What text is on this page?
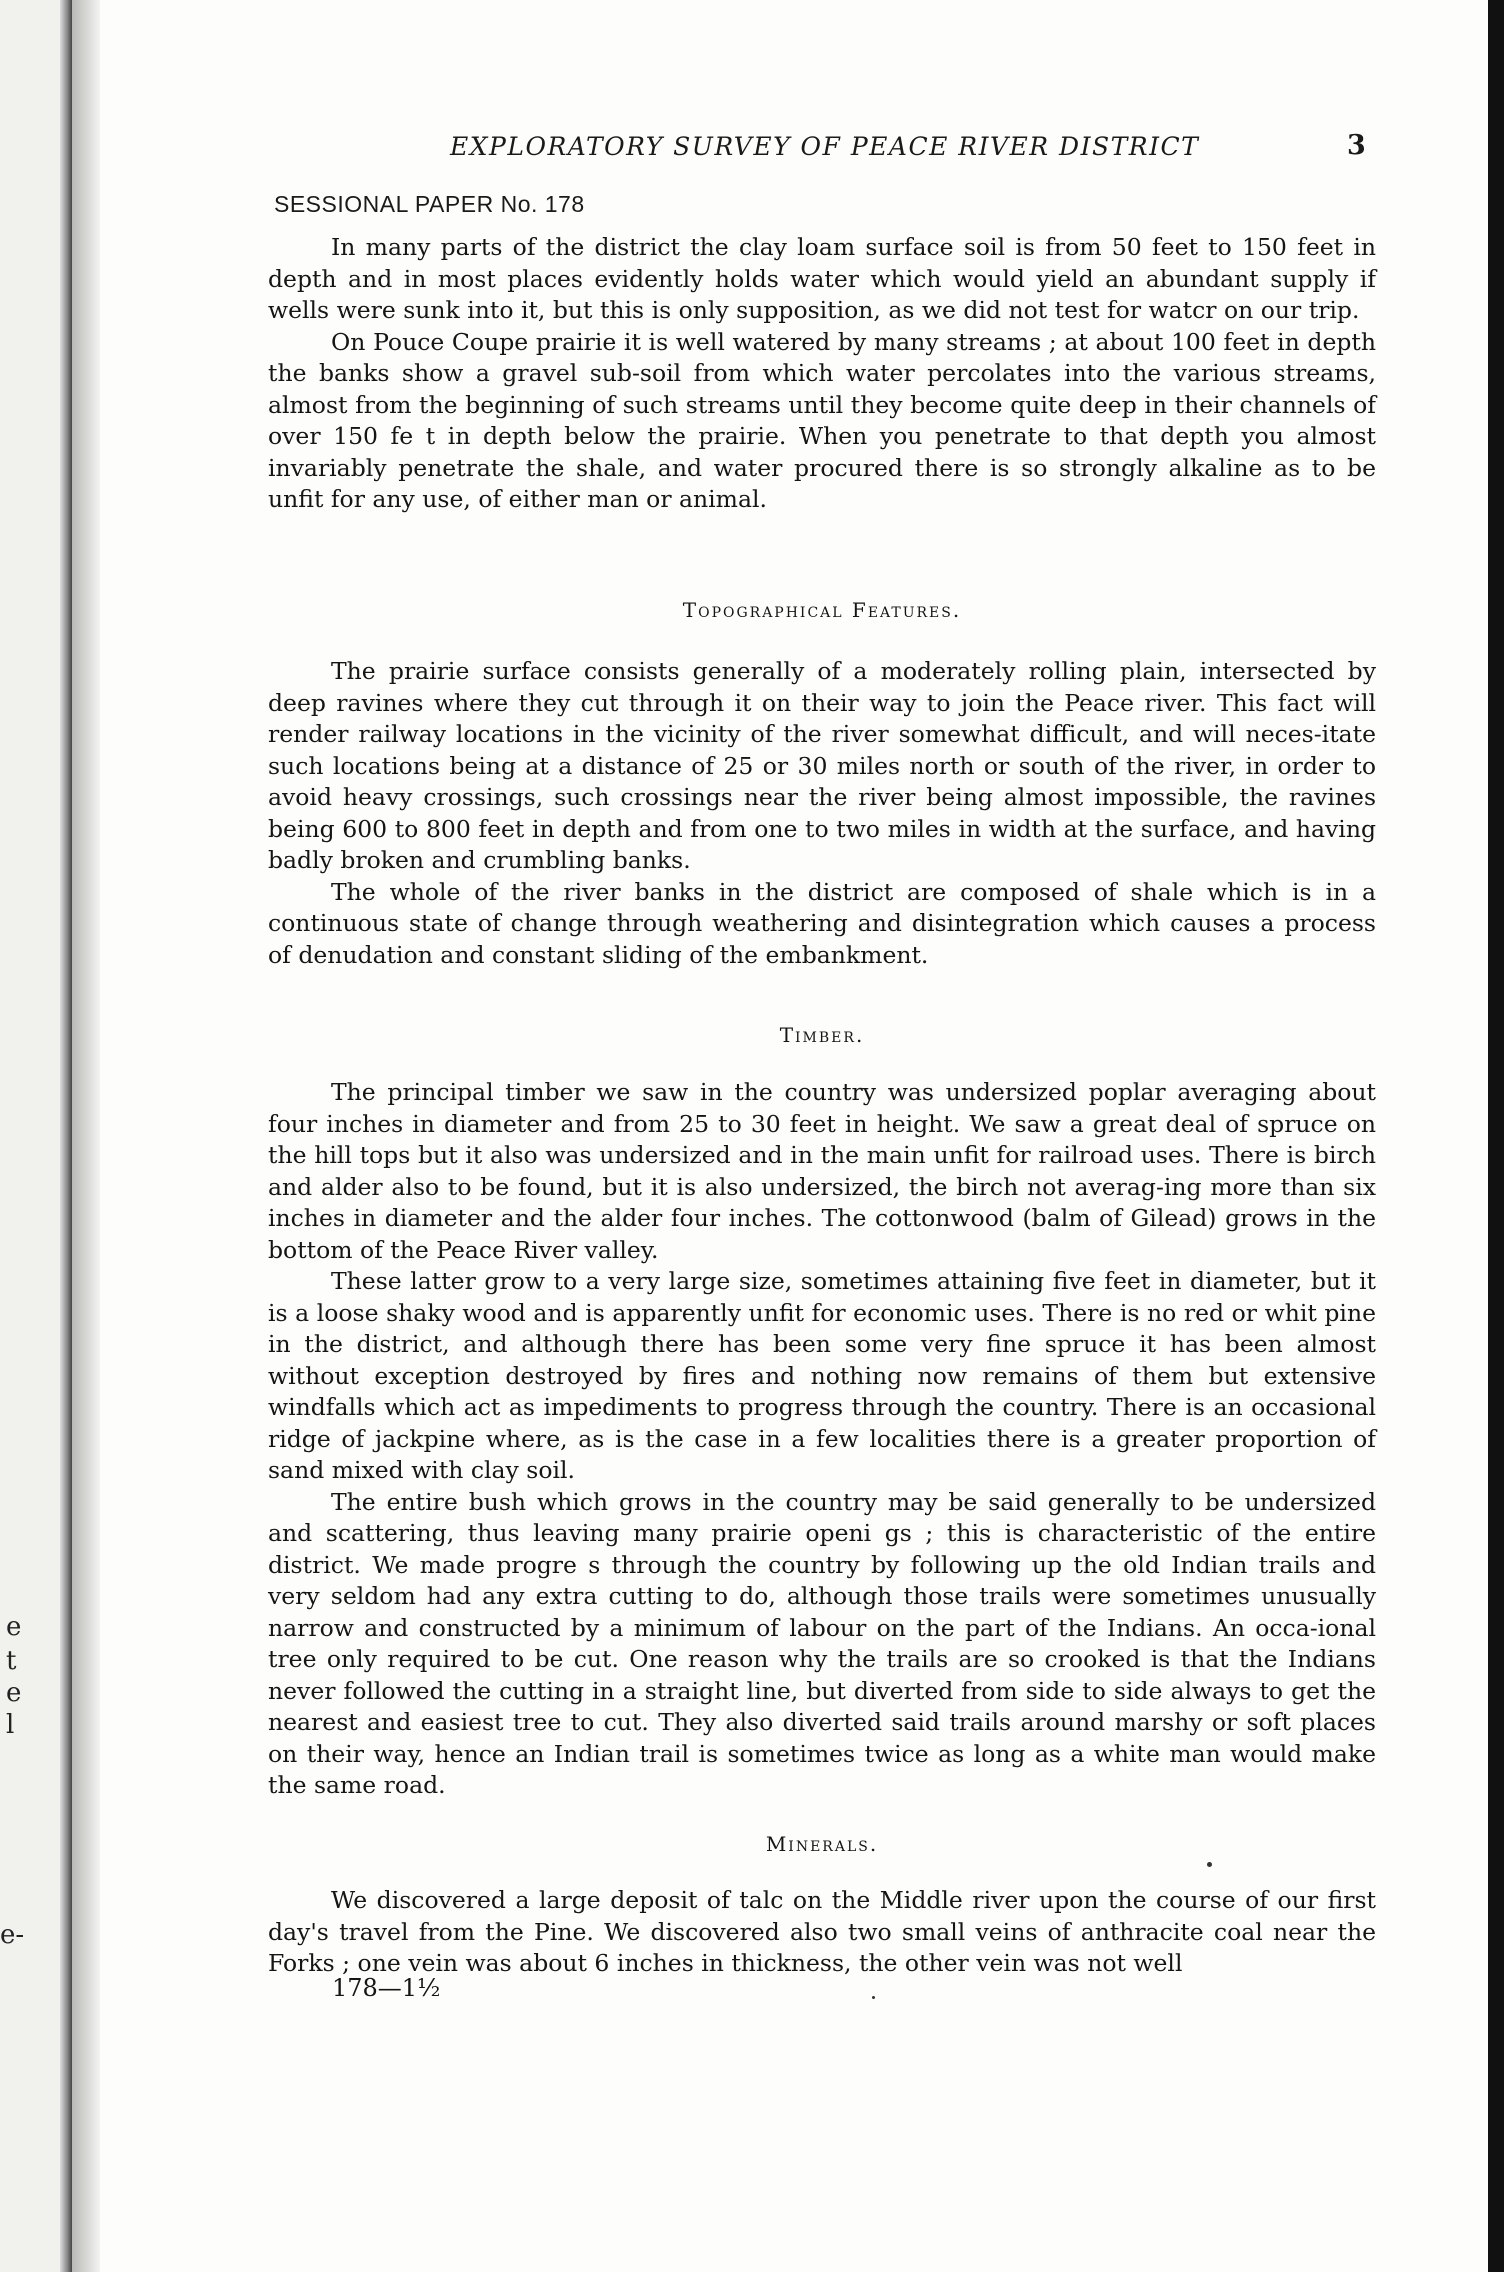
e
t
e
l
e-
EXPLORATORY SURVEY OF PEACE RIVER DISTRICT	3
SESSIONAL PAPER No. 178

In many parts of the district the clay loam surface soil is from 50 feet to 150 feet in depth and in most places evidently holds water which would yield an abundant supply if wells were sunk into it, but this is only supposition, as we did not test for watcr on our trip.

On Pouce Coupe prairie it is well watered by many streams ; at about 100 feet in depth the banks show a gravel sub-soil from which water percolates into the various streams, almost from the beginning of such streams until they become quite deep in their channels of over 150 fe t in depth below the prairie. When you penetrate to that depth you almost invariably penetrate the shale, and water procured there is so strongly alkaline as to be unfit for any use, of either man or animal.

Topographical Features.

The prairie surface consists generally of a moderately rolling plain, intersected by deep ravines where they cut through it on their way to join the Peace river. This fact will render railway locations in the vicinity of the river somewhat difficult, and will neces-itate such locations being at a distance of 25 or 30 miles north or south of the river, in order to avoid heavy crossings, such crossings near the river being almost impossible, the ravines being 600 to 800 feet in depth and from one to two miles in width at the surface, and having badly broken and crumbling banks.

The whole of the river banks in the district are composed of shale which is in a continuous state of change through weathering and disintegration which causes a process of denudation and constant sliding of the embankment.

Timber.

The principal timber we saw in the country was undersized poplar averaging about four inches in diameter and from 25 to 30 feet in height. We saw a great deal of spruce on the hill tops but it also was undersized and in the main unfit for railroad uses. There is birch and alder also to be found, but it is also undersized, the birch not averag-ing more than six inches in diameter and the alder four inches. The cottonwood (balm of Gilead) grows in the bottom of the Peace River valley.

These latter grow to a very large size, sometimes attaining five feet in diameter, but it is a loose shaky wood and is apparently unfit for economic uses. There is no red or whit pine in the district, and although there has been some very fine spruce it has been almost without exception destroyed by fires and nothing now remains of them but extensive windfalls which act as impediments to progress through the country. There is an occasional ridge of jackpine where, as is the case in a few localities there is a greater proportion of sand mixed with clay soil.

The entire bush which grows in the country may be said generally to be undersized and scattering, thus leaving many prairie openi gs ; this is characteristic of the entire district. We made progre s through the country by following up the old Indian trails and very seldom had any extra cutting to do, although those trails were sometimes unusually narrow and constructed by a minimum of labour on the part of the Indians. An occa-ional tree only required to be cut. One reason why the trails are so crooked is that the Indians never followed the cutting in a straight line, but diverted from side to side always to get the nearest and easiest tree to cut. They also diverted said trails around marshy or soft places on their way, hence an Indian trail is sometimes twice as long as a white man would make the same road.

Minerals.

We discovered a large deposit of talc on the Middle river upon the course of our first day's travel from the Pine. We discovered also two small veins of anthracite coal near the Forks ; one vein was about 6 inches in thickness, the other vein was not well

178—1½
